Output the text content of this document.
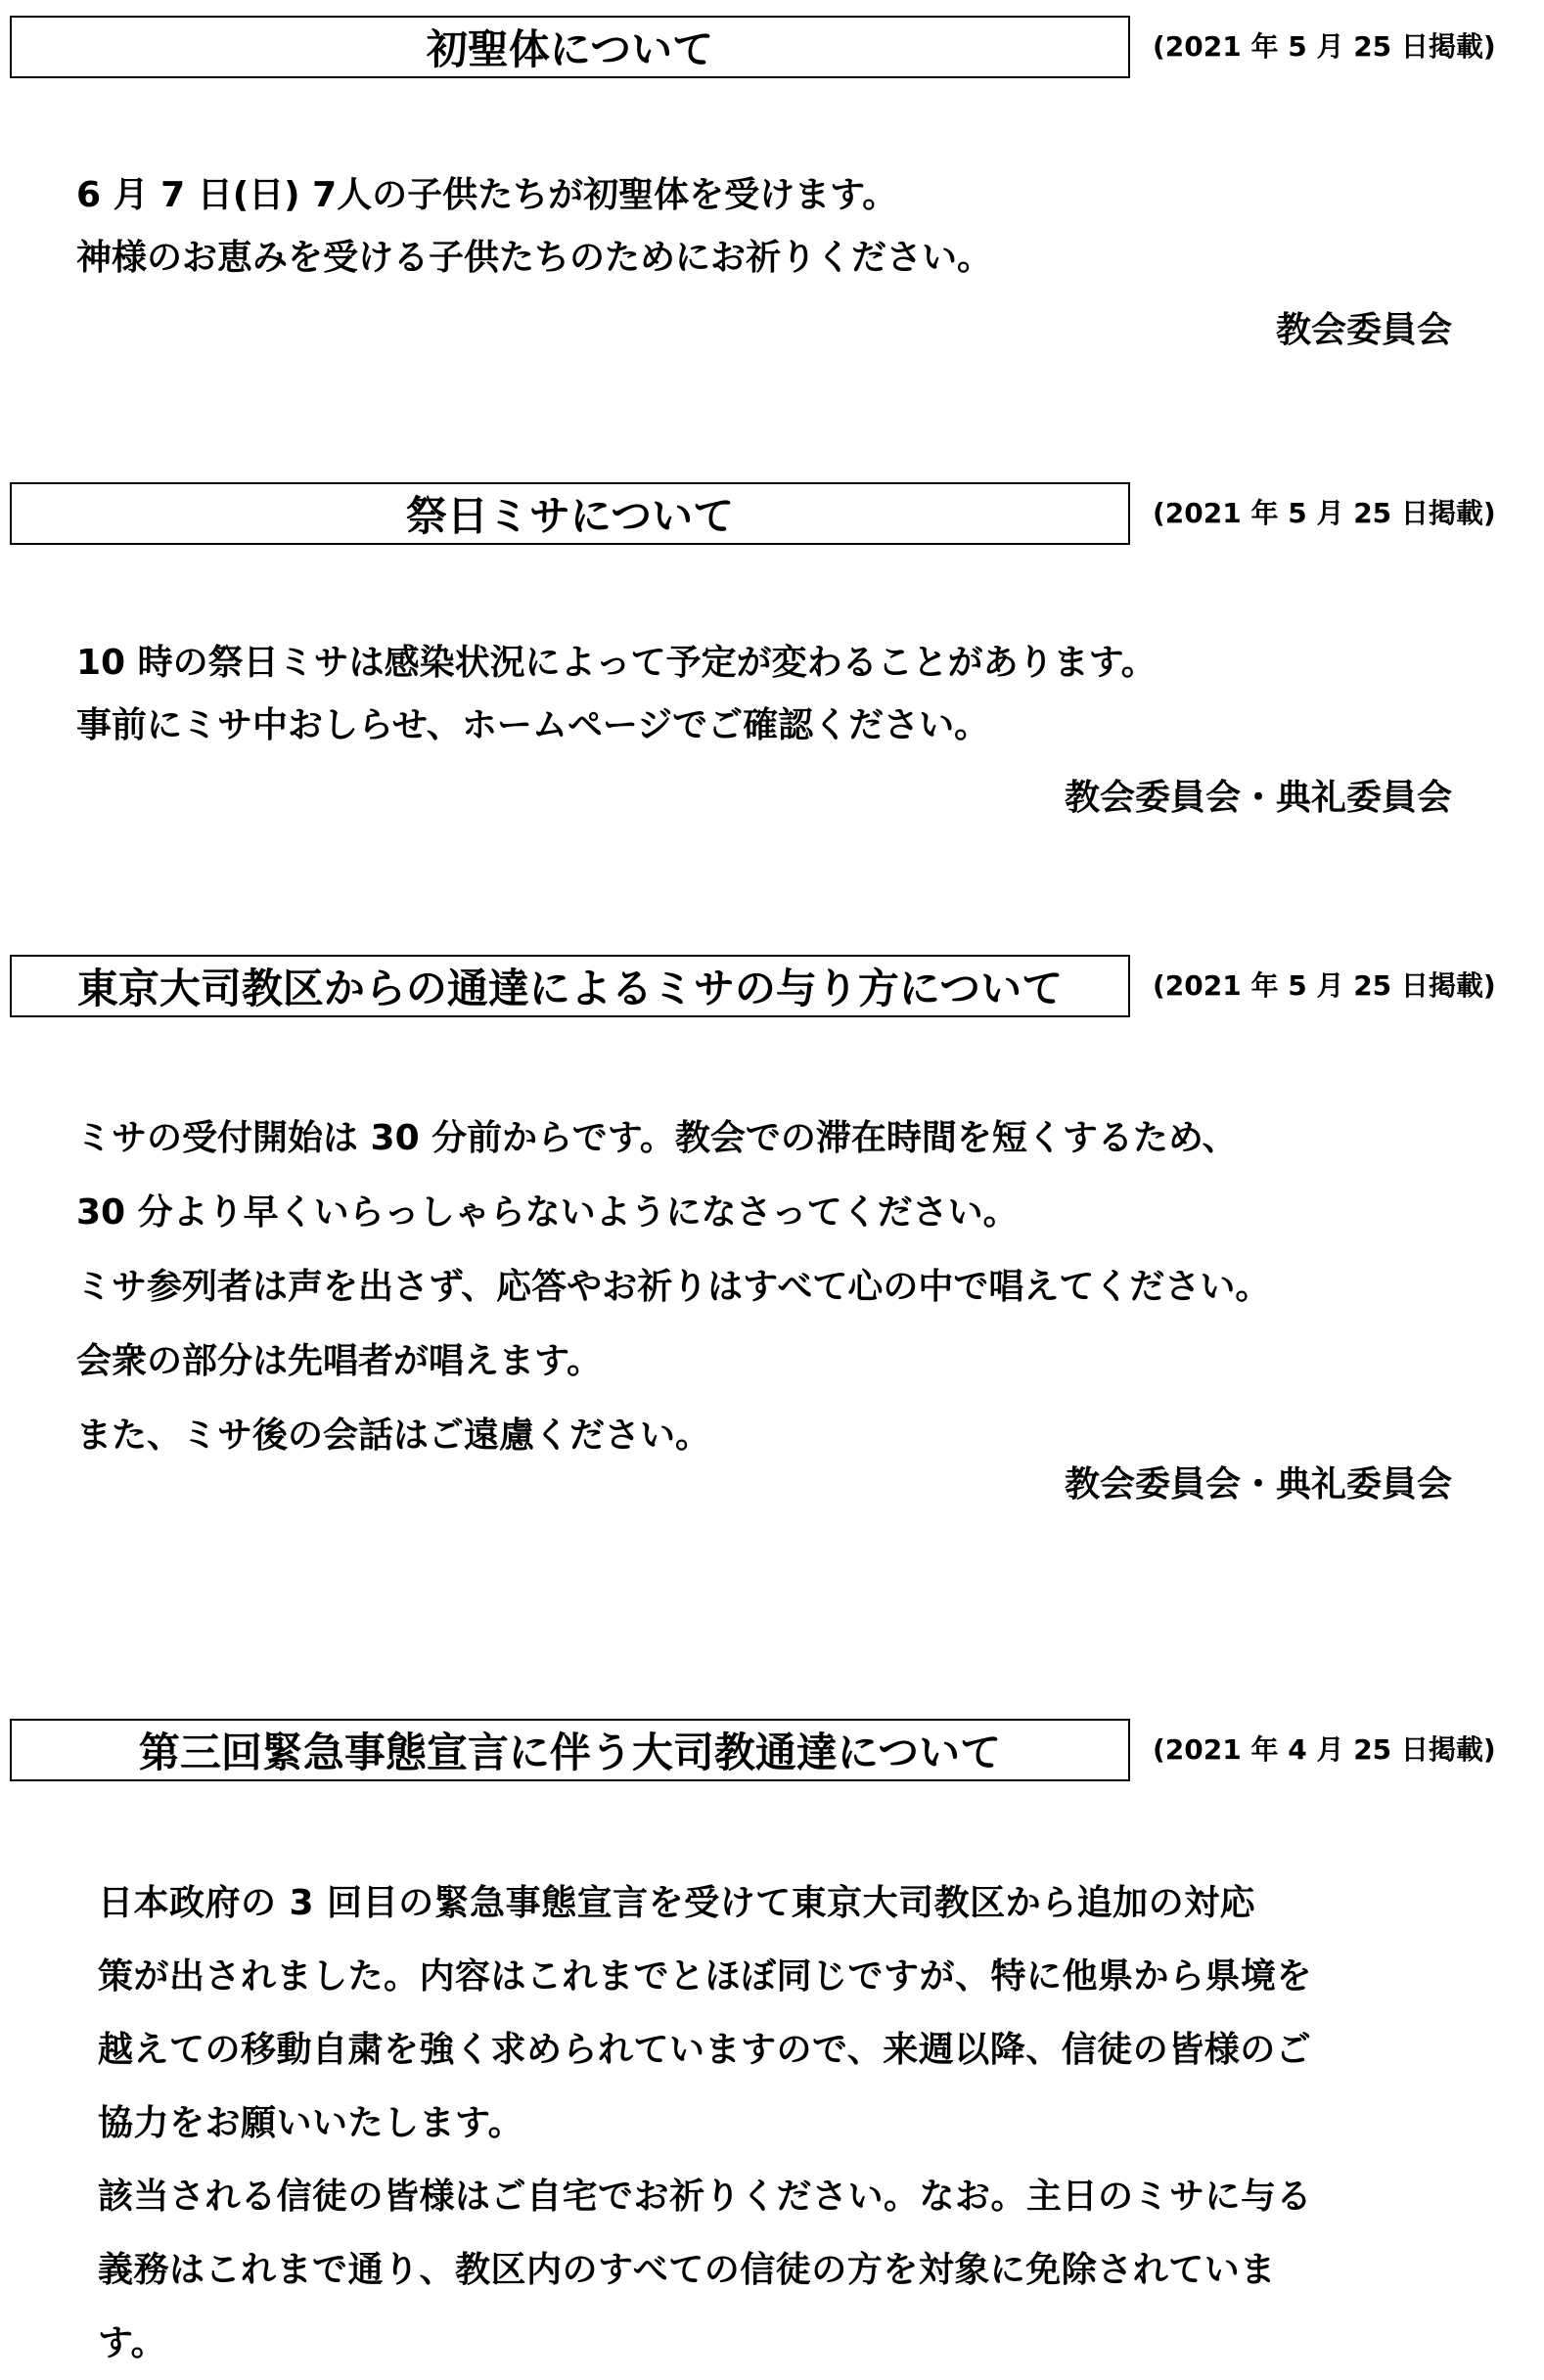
初聖体について	(2021 年 5 月 25 日掲載)
6 月 7 日(日) 7人の子供たちが初聖体を受けます。
神様のお恵みを受ける子供たちのためにお祈りください。
教会委員会
祭日ミサについて	(2021 年 5 月 25 日掲載)
10 時の祭日ミサは感染状況によって予定が変わることがあります。
事前にミサ中おしらせ、ホームページでご確認ください。
教会委員会・典礼委員会
東京大司教区からの通達によるミサの与り方について	(2021 年 5 月 25 日掲載)
ミサの受付開始は 30 分前からです。教会での滞在時間を短くするため、
30 分より早くいらっしゃらないようになさってください。
ミサ参列者は声を出さず、応答やお祈りはすべて心の中で唱えてください。
会衆の部分は先唱者が唱えます。
また、ミサ後の会話はご遠慮ください。
教会委員会・典礼委員会
第三回緊急事態宣言に伴う大司教通達について	(2021 年 4 月 25 日掲載)
日本政府の 3 回目の緊急事態宣言を受けて東京大司教区から追加の対応
策が出されました。内容はこれまでとほぼ同じですが、特に他県から県境を
越えての移動自粛を強く求められていますので、来週以降、信徒の皆様のご
協力をお願いいたします。
該当される信徒の皆様はご自宅でお祈りください。なお。主日のミサに与る
義務はこれまで通り、教区内のすべての信徒の方を対象に免除されていま
す。
